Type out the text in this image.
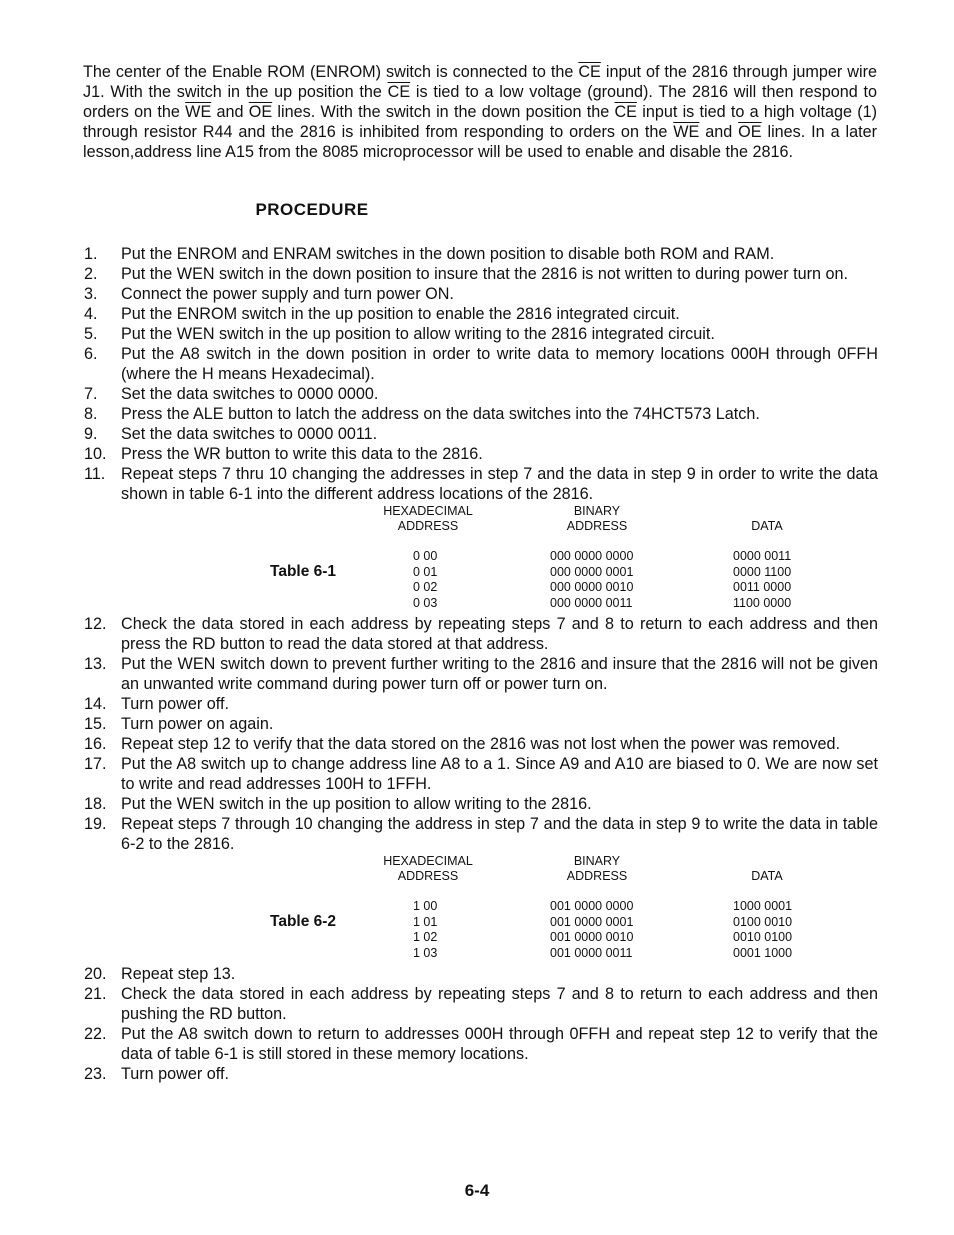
The center of the Enable ROM (ENROM) switch is connected to the $\overline{CE}$ input of the 2816 through jumper wire J1. With the switch in the up position the $\overline{CE}$ is tied to a low voltage (ground). The 2816 will then respond to orders on the $\overline{WE}$ and $\overline{OE}$ lines. With the switch in the down position the $\overline{CE}$ input is tied to a high voltage (1) through resistor R44 and the 2816 is inhibited from responding to orders on the $\overline{WE}$ and $\overline{OE}$ lines. In a later lesson,address line A15 from the 8085 microprocessor will be used to enable and disable the 2816.

PROCEDURE
1. Put the ENROM and ENRAM switches in the down position to disable both ROM and RAM.
2. Put the WEN switch in the down position to insure that the 2816 is not written to during power turn on.
3. Connect the power supply and turn power ON.
4. Put the ENROM switch in the up position to enable the 2816 integrated circuit.
5. Put the WEN switch in the up position to allow writing to the 2816 integrated circuit.
6. Put the A8 switch in the down position in order to write data to memory locations 000H through 0FFH (where the H means Hexadecimal).
7. Set the data switches to 0000 0000.
8. Press the ALE button to latch the address on the data switches into the 74HCT573 Latch.
9. Set the data switches to 0000 0011.
10. Press the WR button to write this data to the 2816.
11. Repeat steps 7 thru 10 changing the addresses in step 7 and the data in step 9 in order to write the data shown in table 6-1 into the different address locations of the 2816.
HEXADECIMAL
ADDRESS
BINARY
ADDRESS	DATA
Table 6-1
0 00
0 01
0 02
0 03
000 0000 0000
000 0000 0001
000 0000 0010
000 0000 0011
0000 0011
0000 1100
0011 0000
1100 0000
12. Check the data stored in each address by repeating steps 7 and 8 to return to each address and then press the RD button to read the data stored at that address.
13. Put the WEN switch down to prevent further writing to the 2816 and insure that the 2816 will not be given an unwanted write command during power turn off or power turn on.
14. Turn power off.
15. Turn power on again.
16. Repeat step 12 to verify that the data stored on the 2816 was not lost when the power was removed.
17. Put the A8 switch up to change address line A8 to a 1. Since A9 and A10 are biased to 0. We are now set to write and read addresses 100H to 1FFH.
18. Put the WEN switch in the up position to allow writing to the 2816.
19. Repeat steps 7 through 10 changing the address in step 7 and the data in step 9 to write the data in table 6-2 to the 2816.
HEXADECIMAL
ADDRESS
BINARY
ADDRESS	DATA
Table 6-2
1 00
1 01
1 02
1 03
001 0000 0000
001 0000 0001
001 0000 0010
001 0000 0011
1000 0001
0100 0010
0010 0100
0001 1000
20. Repeat step 13.
21. Check the data stored in each address by repeating steps 7 and 8 to return to each address and then pushing the RD button.
22. Put the A8 switch down to return to addresses 000H through 0FFH and repeat step 12 to verify that the data of table 6-1 is still stored in these memory locations.
23. Turn power off.
6-4
